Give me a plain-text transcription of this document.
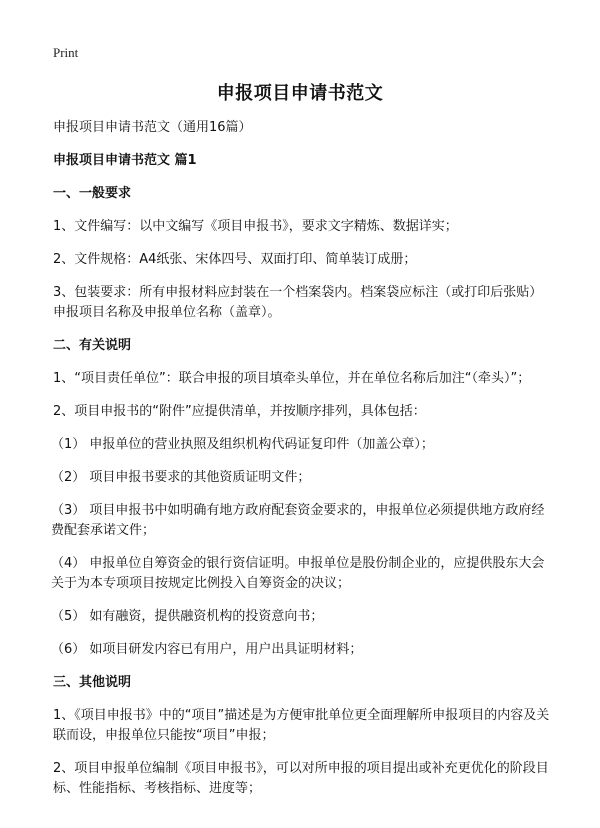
Print
申报项目申请书范文
申报项目申请书范文（通用16篇）
申报项目申请书范文 篇1
一、一般要求
1、文件编写：以中文编写《项目申报书》，要求文字精炼、数据详实；
2、文件规格：A4纸张、宋体四号、双面打印、简单装订成册；
3、包装要求：所有申报材料应封装在一个档案袋内。档案袋应标注（或打印后张贴）申报项目名称及申报单位名称（盖章）。
二、有关说明
1、“项目责任单位”：联合申报的项目填牵头单位，并在单位名称后加注“（牵头）”；
2、项目申报书的“附件”应提供清单，并按顺序排列，具体包括：
（1） 申报单位的营业执照及组织机构代码证复印件（加盖公章）；
（2） 项目申报书要求的其他资质证明文件；
（3） 项目申报书中如明确有地方政府配套资金要求的，申报单位必须提供地方政府经费配套承诺文件；
（4） 申报单位自筹资金的银行资信证明。申报单位是股份制企业的，应提供股东大会关于为本专项项目按规定比例投入自筹资金的决议；
（5） 如有融资，提供融资机构的投资意向书；
（6） 如项目研发内容已有用户，用户出具证明材料；
三、其他说明
1、《项目申报书》中的“项目”描述是为方便审批单位更全面理解所申报项目的内容及关联而设，申报单位只能按“项目”申报；
2、项目申报单位编制《项目申报书》，可以对所申报的项目提出或补充更优化的阶段目标、性能指标、考核指标、进度等；
